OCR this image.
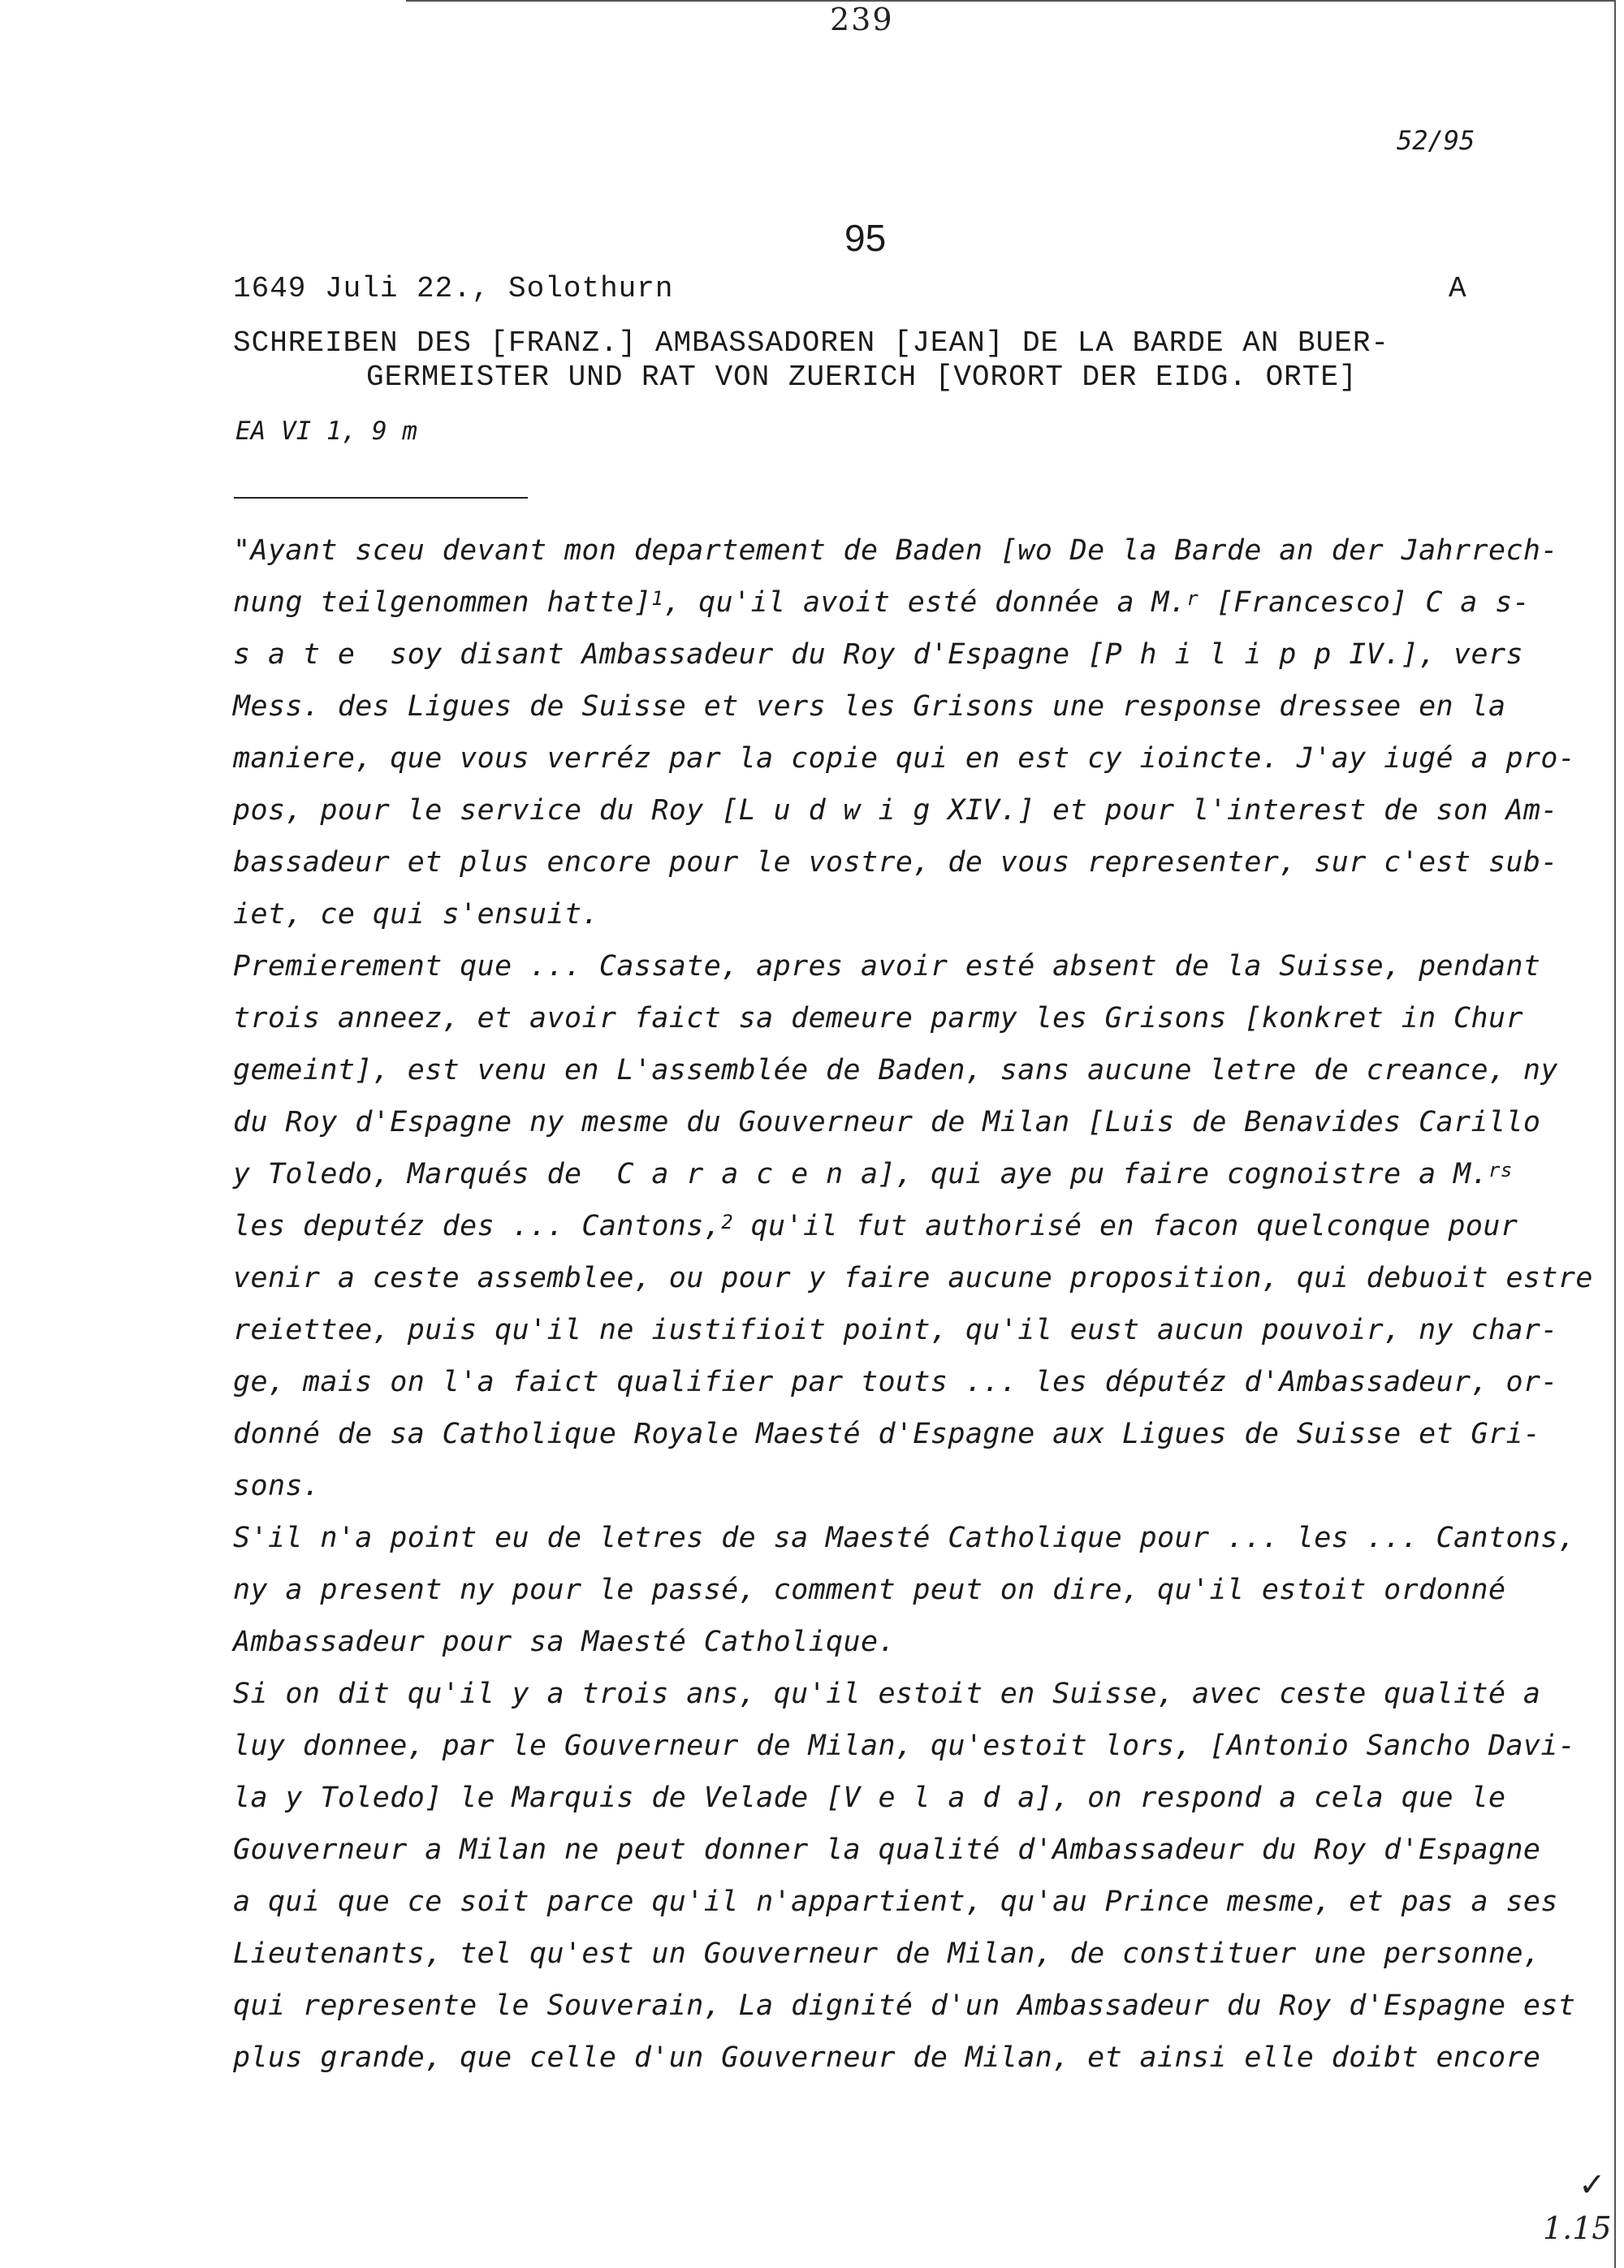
239
52/95
95
1649 Juli 22., Solothurn	A
SCHREIBEN DES [FRANZ.] AMBASSADOREN [JEAN] DE LA BARDE AN BUER-
GERMEISTER UND RAT VON ZUERICH [VORORT DER EIDG. ORTE]
EA VI 1, 9 m
"Ayant sceu devant mon departement de Baden [wo De la Barde an der Jahrrech-
nung teilgenommen hatte]$^1$, qu'il avoit esté donnée a M.$^r$ [Francesco] C a s-
s a t e  soy disant Ambassadeur du Roy d'Espagne [P h i l i p p IV.], vers
Mess. des Ligues de Suisse et vers les Grisons une response dressee en la
maniere, que vous verréz par la copie qui en est cy ioincte. J'ay iugé a pro-
pos, pour le service du Roy [L u d w i g XIV.] et pour l'interest de son Am-
bassadeur et plus encore pour le vostre, de vous representer, sur c'est sub-
iet, ce qui s'ensuit.
Premierement que ... Cassate, apres avoir esté absent de la Suisse, pendant
trois anneez, et avoir faict sa demeure parmy les Grisons [konkret in Chur
gemeint], est venu en L'assemblée de Baden, sans aucune letre de creance, ny
du Roy d'Espagne ny mesme du Gouverneur de Milan [Luis de Benavides Carillo
y Toledo, Marqués de  C a r a c e n a], qui aye pu faire cognoistre a M.$^{rs}$
les deputéz des ... Cantons,$^2$ qu'il fut authorisé en facon quelconque pour
venir a ceste assemblee, ou pour y faire aucune proposition, qui debuoit estre
reiettee, puis qu'il ne iustifioit point, qu'il eust aucun pouvoir, ny char-
ge, mais on l'a faict qualifier par touts ... les députéz d'Ambassadeur, or-
donné de sa Catholique Royale Maesté d'Espagne aux Ligues de Suisse et Gri-
sons.
S'il n'a point eu de letres de sa Maesté Catholique pour ... les ... Cantons,
ny a present ny pour le passé, comment peut on dire, qu'il estoit ordonné
Ambassadeur pour sa Maesté Catholique.
Si on dit qu'il y a trois ans, qu'il estoit en Suisse, avec ceste qualité a
luy donnee, par le Gouverneur de Milan, qu'estoit lors, [Antonio Sancho Davi-
la y Toledo] le Marquis de Velade [V e l a d a], on respond a cela que le
Gouverneur a Milan ne peut donner la qualité d'Ambassadeur du Roy d'Espagne
a qui que ce soit parce qu'il n'appartient, qu'au Prince mesme, et pas a ses
Lieutenants, tel qu'est un Gouverneur de Milan, de constituer une personne,
qui represente le Souverain, La dignité d'un Ambassadeur du Roy d'Espagne est
plus grande, que celle d'un Gouverneur de Milan, et ainsi elle doibt encore
✓
1.15
